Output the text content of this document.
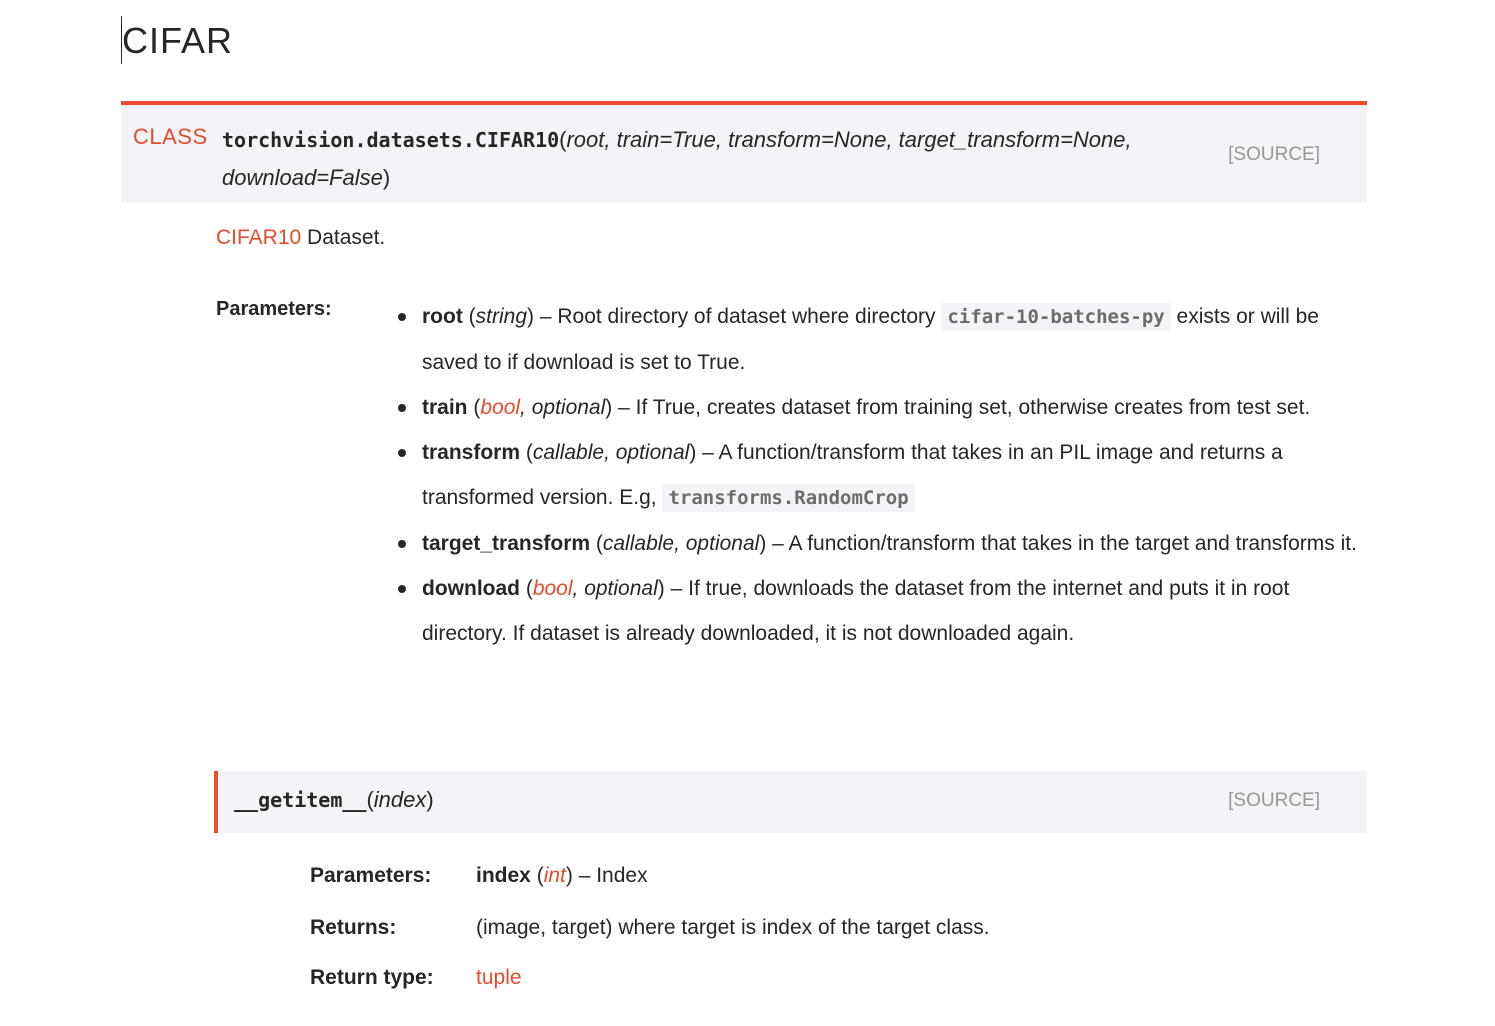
CIFAR
CLASS torchvision.datasets.CIFAR10(root, train=True, transform=None, target_transform=None,
download=False)
[SOURCE]
CIFAR10 Dataset.
Parameters:	root (string) – Root directory of dataset where directory cifar-10-batches-py exists or will be saved to if download is set to True.
train (bool, optional) – If True, creates dataset from training set, otherwise creates from test set.
transform (callable, optional) – A function/transform that takes in an PIL image and returns a transformed version. E.g, transforms.RandomCrop
target_transform (callable, optional) – A function/transform that takes in the target and transforms it.
download (bool, optional) – If true, downloads the dataset from the internet and puts it in root directory. If dataset is already downloaded, it is not downloaded again.
__getitem__(index)	[SOURCE]
Parameters: index (int) – Index
Returns:	(image, target) where target is index of the target class.
Return type: tuple
